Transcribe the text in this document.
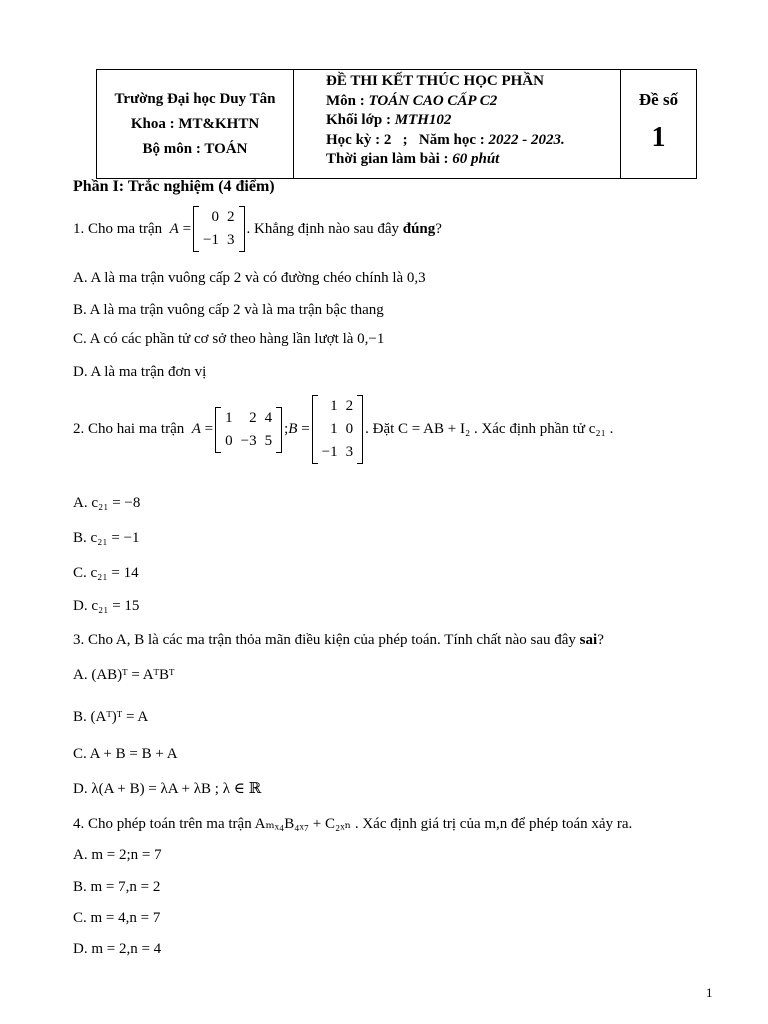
Trường Đại học Duy Tân
Khoa : MT&KHTN
Bộ môn : TOÁN
ĐỀ THI KẾT THÚC HỌC PHẦN
Môn : TOÁN CAO CẤP C2
Khối lớp : MTH102
Học kỳ : 2   ;   Năm học : 2022 - 2023.
Thời gian làm bài : 60 phút
Đề số
1
Phần I: Trắc nghiệm (4 điểm)
1. Cho ma trận
A
=
0	2
−1	3
. Khẳng định nào sau đây
đúng ?
A. A là ma trận vuông cấp 2 và có đường chéo chính là 0,3
B. A là ma trận vuông cấp 2 và là ma trận bậc thang
C. A có các phần tử cơ sở theo hàng lần lượt là 0,−1
D. A là ma trận đơn vị
2. Cho hai ma trận
A =
1	2	4
0	−3	5
; B =
1	2
1	0
−1	3
. Đặt C = AB + I₂ . Xác định phần tử c₂₁ .
A. c₂₁ = −8
B. c₂₁ = −1
C. c₂₁ = 14
D. c₂₁ = 15
3. Cho A, B là các ma trận thỏa mãn điều kiện của phép toán. Tính chất nào sau đây sai?
A. (AB)ᵀ = AᵀBᵀ
B. (Aᵀ)ᵀ = A
C. A + B = B + A
D. λ(A + B) = λA + λB ; λ ∈ ℝ
4. Cho phép toán trên ma trận Aₘₓ₄B₄ₓ₇ + C₂ₓₙ . Xác định giá trị của m,n để phép toán xảy ra.
A. m = 2;n = 7
B. m = 7,n = 2
C. m = 4,n = 7
D. m = 2,n = 4
1
